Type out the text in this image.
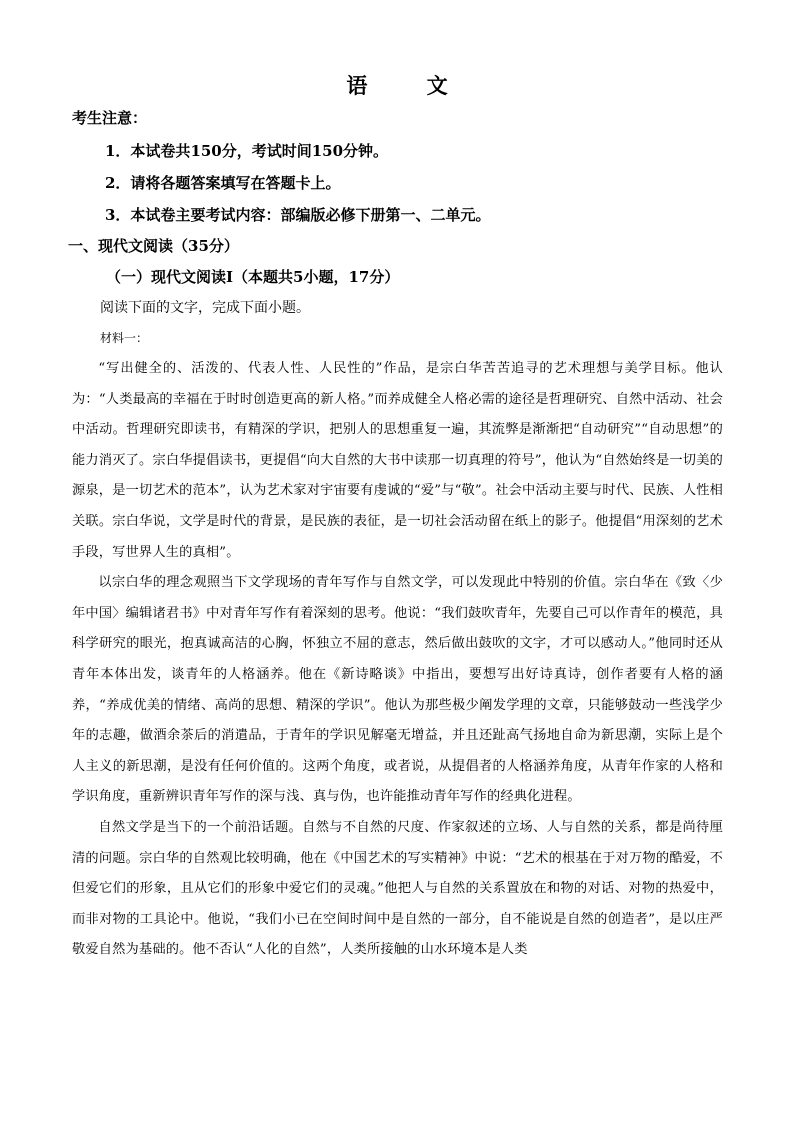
语 文
考生注意：
1．本试卷共150分，考试时间150分钟。
2．请将各题答案填写在答题卡上。
3．本试卷主要考试内容：部编版必修下册第一、二单元。
一、现代文阅读（35分）
（一）现代文阅读Ⅰ（本题共5小题，17分）
阅读下面的文字，完成下面小题。
材料一：

“写出健全的、活泼的、代表人性、人民性的”作品，是宗白华苦苦追寻的艺术理想与美学目标。他认为：“人类最高的幸福在于时时创造更高的新人格。”而养成健全人格必需的途径是哲理研究、自然中活动、社会中活动。哲理研究即读书，有精深的学识，把别人的思想重复一遍，其流弊是渐渐把“自动研究”“自动思想”的能力消灭了。宗白华提倡读书，更提倡“向大自然的大书中读那一切真理的符号”，他认为“自然始终是一切美的源泉，是一切艺术的范本”，认为艺术家对宇宙要有虔诚的“爱”与“敬”。社会中活动主要与时代、民族、人性相关联。宗白华说，文学是时代的背景，是民族的表征，是一切社会活动留在纸上的影子。他提倡“用深刻的艺术手段，写世界人生的真相”。

以宗白华的理念观照当下文学现场的青年写作与自然文学，可以发现此中特别的价值。宗白华在《致〈少年中国〉编辑诸君书》中对青年写作有着深刻的思考。他说：“我们鼓吹青年，先要自己可以作青年的模范，具科学研究的眼光，抱真诚高洁的心胸，怀独立不屈的意志，然后做出鼓吹的文字，才可以感动人。”他同时还从青年本体出发，谈青年的人格涵养。他在《新诗略谈》中指出，要想写出好诗真诗，创作者要有人格的涵养，“养成优美的情绪、高尚的思想、精深的学识”。他认为那些极少阐发学理的文章，只能够鼓动一些浅学少年的志趣，做酒余茶后的消遣品，于青年的学识见解毫无增益，并且还趾高气扬地自命为新思潮，实际上是个人主义的新思潮，是没有任何价值的。这两个角度，或者说，从提倡者的人格涵养角度，从青年作家的人格和学识角度，重新辨识青年写作的深与浅、真与伪，也许能推动青年写作的经典化进程。

自然文学是当下的一个前沿话题。自然与不自然的尺度、作家叙述的立场、人与自然的关系，都是尚待厘清的问题。宗白华的自然观比较明确，他在《中国艺术的写实精神》中说：“艺术的根基在于对万物的酷爱，不但爱它们的形象，且从它们的形象中爱它们的灵魂。”他把人与自然的关系置放在和物的对话、对物的热爱中，而非对物的工具论中。他说，“我们小已在空间时间中是自然的一部分，自不能说是自然的创造者”，是以庄严敬爱自然为基础的。他不否认“人化的自然”，人类所接触的山水环境本是人类
